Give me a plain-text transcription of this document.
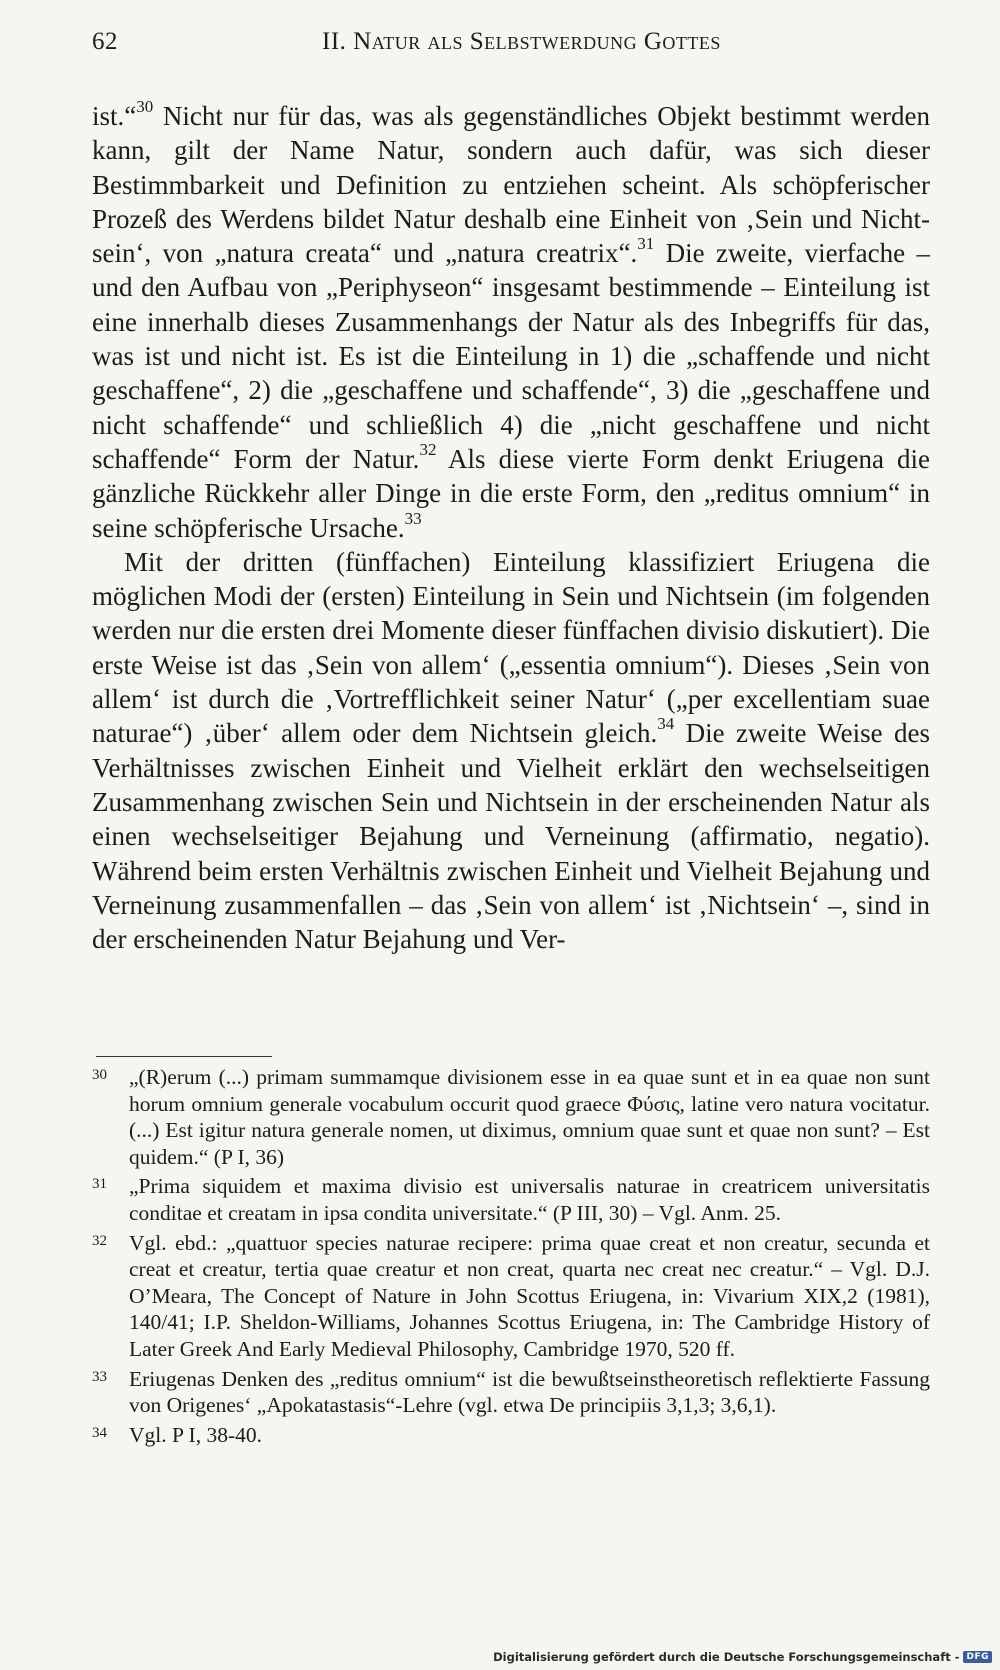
62	II. Natur als Selbstwerdung Gottes

ist.“$^{30}$ Nicht nur für das, was als gegenständliches Objekt bestimmt werden kann, gilt der Name Natur, sondern auch dafür, was sich dieser Bestimmbarkeit und Definition zu entziehen scheint. Als schöpferischer Prozeß des Werdens bildet Natur deshalb eine Einheit von ‚Sein und Nicht-sein‘, von „natura creata“ und „natura creatrix“.$^{31}$ Die zweite, vierfache – und den Aufbau von „Periphyseon“ insgesamt bestimmende – Einteilung ist eine innerhalb dieses Zusammenhangs der Natur als des Inbegriffs für das, was ist und nicht ist. Es ist die Einteilung in 1) die „schaffende und nicht geschaffene“, 2) die „geschaffene und schaffende“, 3) die „geschaffene und nicht schaffende“ und schließlich 4) die „nicht geschaffene und nicht schaffende“ Form der Natur.$^{32}$ Als diese vierte Form denkt Eriugena die gänzliche Rückkehr aller Dinge in die erste Form, den „reditus omnium“ in seine schöpferische Ursache.$^{33}$

Mit der dritten (fünffachen) Einteilung klassifiziert Eriugena die möglichen Modi der (ersten) Einteilung in Sein und Nichtsein (im folgenden werden nur die ersten drei Momente dieser fünffachen divisio diskutiert). Die erste Weise ist das ‚Sein von allem‘ („essentia omnium“). Dieses ‚Sein von allem‘ ist durch die ‚Vortrefflichkeit seiner Natur‘ („per excellentiam suae naturae“) ‚über‘ allem oder dem Nichtsein gleich.$^{34}$ Die zweite Weise des Verhältnisses zwischen Einheit und Vielheit erklärt den wechselseitigen Zusammenhang zwischen Sein und Nichtsein in der erscheinenden Natur als einen wechselseitiger Bejahung und Verneinung (affirmatio, negatio). Während beim ersten Verhältnis zwischen Einheit und Vielheit Bejahung und Verneinung zusammenfallen – das ‚Sein von allem‘ ist ‚Nichtsein‘ –, sind in der erscheinenden Natur Bejahung und Ver-

30 „(R)erum (...) primam summamque divisionem esse in ea quae sunt et in ea quae non sunt horum omnium generale vocabulum occurit quod graece Φύσις, latine vero natura vocitatur. (...) Est igitur natura generale nomen, ut diximus, omnium quae sunt et quae non sunt? – Est quidem.“ (P I, 36)
31 „Prima siquidem et maxima divisio est universalis naturae in creatricem universitatis conditae et creatam in ipsa condita universitate.“ (P III, 30) – Vgl. Anm. 25.
32 Vgl. ebd.: „quattuor species naturae recipere: prima quae creat et non creatur, secunda et creat et creatur, tertia quae creatur et non creat, quarta nec creat nec creatur.“ – Vgl. D.J. O’Meara, The Concept of Nature in John Scottus Eriugena, in: Vivarium XIX,2 (1981), 140/41; I.P. Sheldon-Williams, Johannes Scottus Eriugena, in: The Cambridge History of Later Greek And Early Medieval Philosophy, Cambridge 1970, 520 ff.
33 Eriugenas Denken des „reditus omnium“ ist die bewußtseinstheoretisch reflektierte Fassung von Origenes‘ „Apokatastasis“-Lehre (vgl. etwa De principiis 3,1,3; 3,6,1).
34 Vgl. P I, 38-40.
Digitalisierung gefördert durch die Deutsche Forschungsgemeinschaft - DFG
